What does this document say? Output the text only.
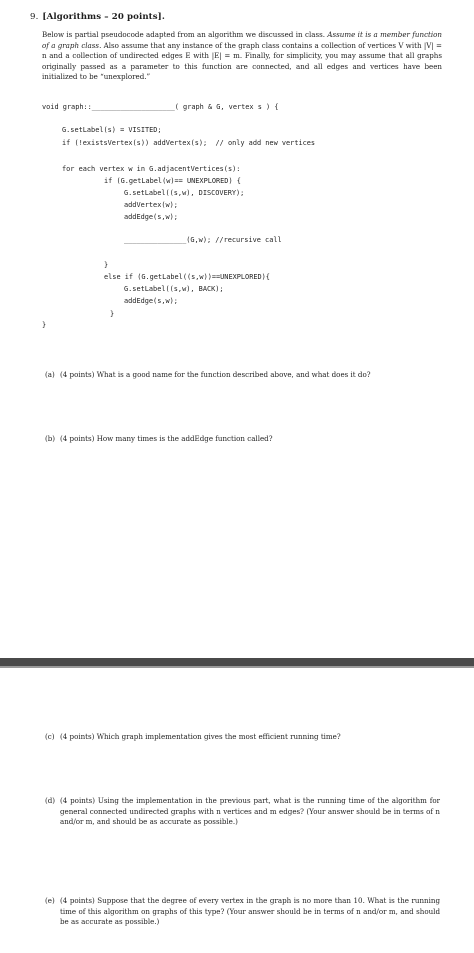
9. [Algorithms – 20 points].
Below is partial pseudocode adapted from an algorithm we discussed in class. Assume it is a member function of a graph class. Also assume that any instance of the graph class contains a collection of vertices V with |V| = n and a collection of undirected edges E with |E| = m. Finally, for simplicity, you may assume that all graphs originally passed as a parameter to this function are connected, and all edges and vertices have been initialized to be “unexplored.”

void graph::____________________( graph & G, vertex s ) {

G.setLabel(s) = VISITED;

if (!existsVertex(s)) addVertex(s);  // only add new vertices

for each vertex w in G.adjacentVertices(s):

if (G.getLabel(w)== UNEXPLORED) {

G.setLabel((s,w), DISCOVERY);

addVertex(w);

addEdge(s,w);

_______________(G,w); //recursive call

}

else if (G.getLabel((s,w))==UNEXPLORED){

G.setLabel((s,w), BACK);

addEdge(s,w);

}

}

(a) (4 points) What is a good name for the function described above, and what does it do?
(b) (4 points) How many times is the addEdge function called?
(c) (4 points) Which graph implementation gives the most efficient running time?
(d) (4 points) Using the implementation in the previous part, what is the running time of the algorithm for general connected undirected graphs with n vertices and m edges? (Your answer should be in terms of n and/or m, and should be as accurate as possible.)
(e) (4 points) Suppose that the degree of every vertex in the graph is no more than 10. What is the running time of this algorithm on graphs of this type? (Your answer should be in terms of n and/or m, and should be as accurate as possible.)
